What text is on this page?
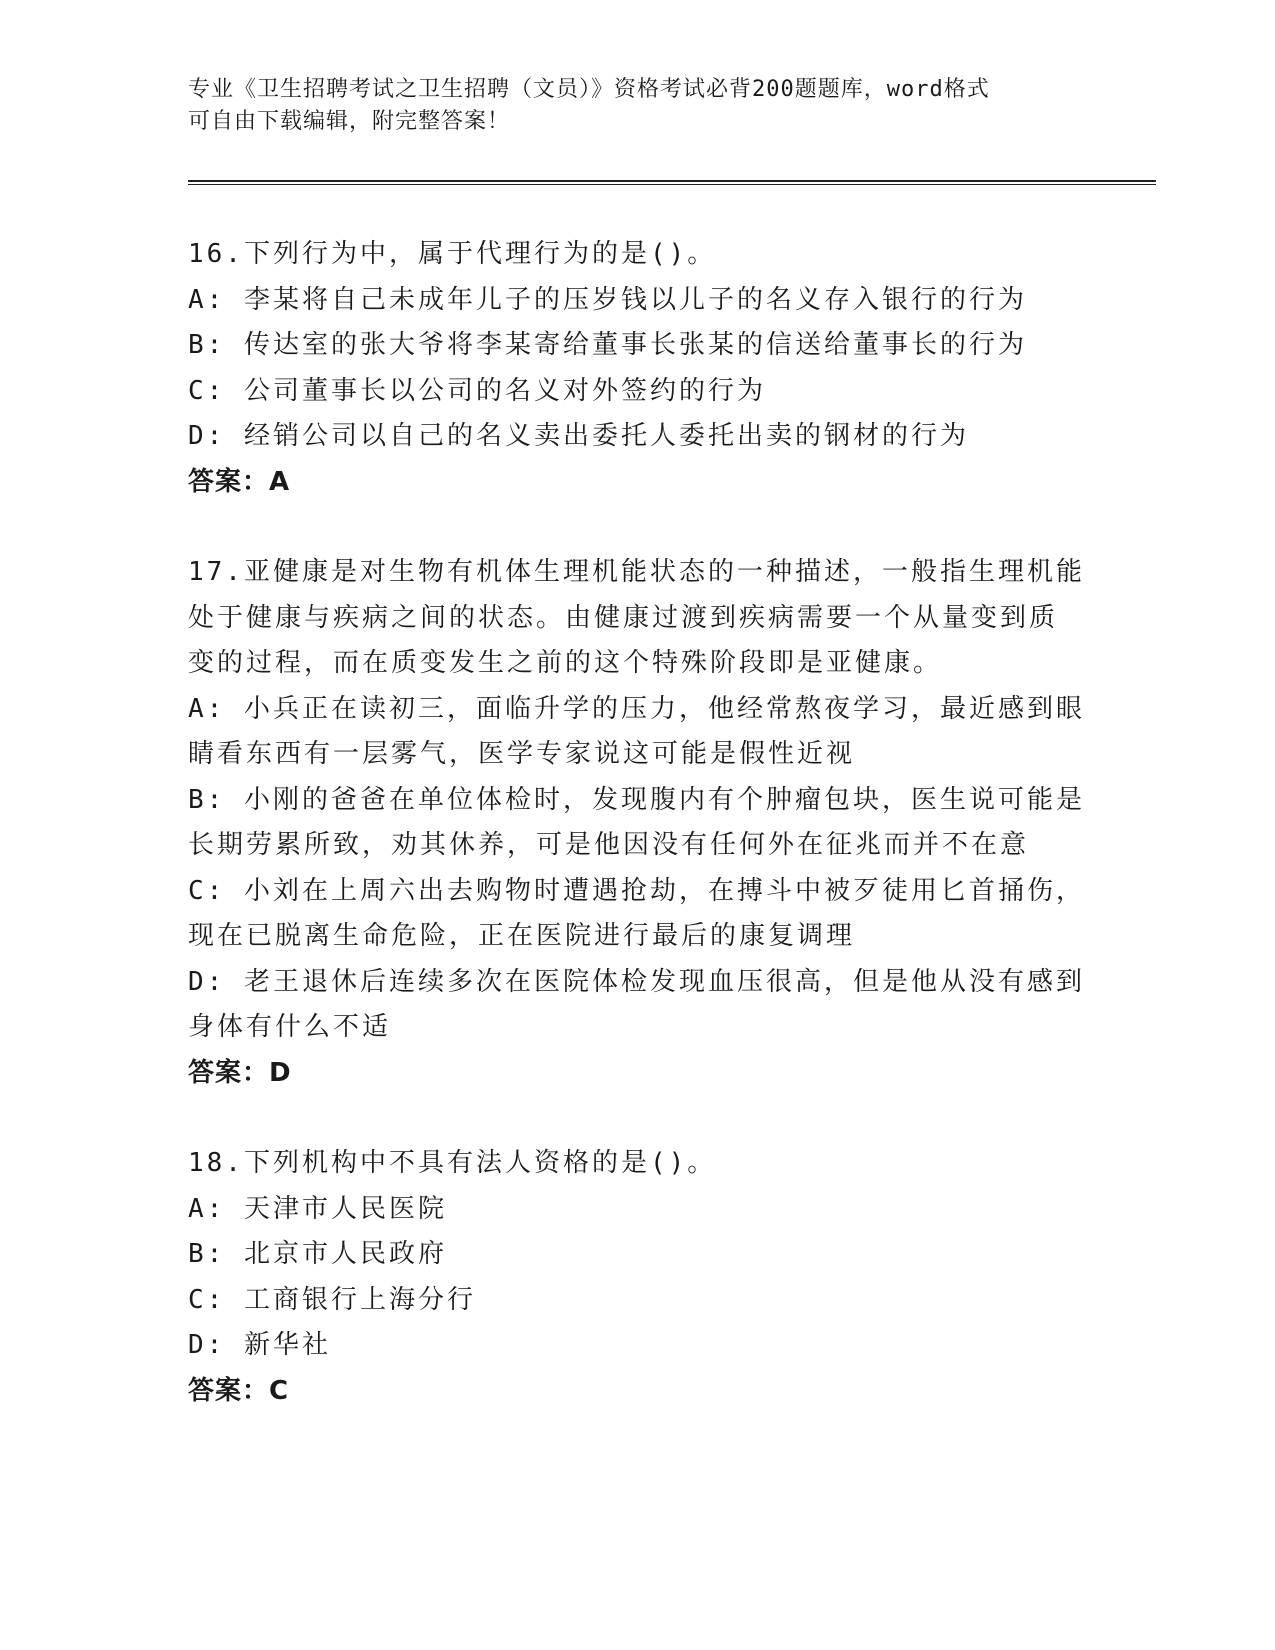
专业《卫生招聘考试之卫生招聘（文员）》资格考试必背200题题库，word格式

可自由下载编辑，附完整答案！

16.下列行为中，属于代理行为的是()。

A: 李某将自己未成年儿子的压岁钱以儿子的名义存入银行的行为

B: 传达室的张大爷将李某寄给董事长张某的信送给董事长的行为

C: 公司董事长以公司的名义对外签约的行为

D: 经销公司以自己的名义卖出委托人委托出卖的钢材的行为

答案：A

17.亚健康是对生物有机体生理机能状态的一种描述，一般指生理机能

处于健康与疾病之间的状态。由健康过渡到疾病需要一个从量变到质

变的过程，而在质变发生之前的这个特殊阶段即是亚健康。

A: 小兵正在读初三，面临升学的压力，他经常熬夜学习，最近感到眼

睛看东西有一层雾气，医学专家说这可能是假性近视

B: 小刚的爸爸在单位体检时，发现腹内有个肿瘤包块，医生说可能是

长期劳累所致，劝其休养，可是他因没有任何外在征兆而并不在意

C: 小刘在上周六出去购物时遭遇抢劫，在搏斗中被歹徒用匕首捅伤，

现在已脱离生命危险，正在医院进行最后的康复调理

D: 老王退休后连续多次在医院体检发现血压很高，但是他从没有感到

身体有什么不适

答案：D

18.下列机构中不具有法人资格的是()。

A: 天津市人民医院

B: 北京市人民政府

C: 工商银行上海分行

D: 新华社

答案：C
